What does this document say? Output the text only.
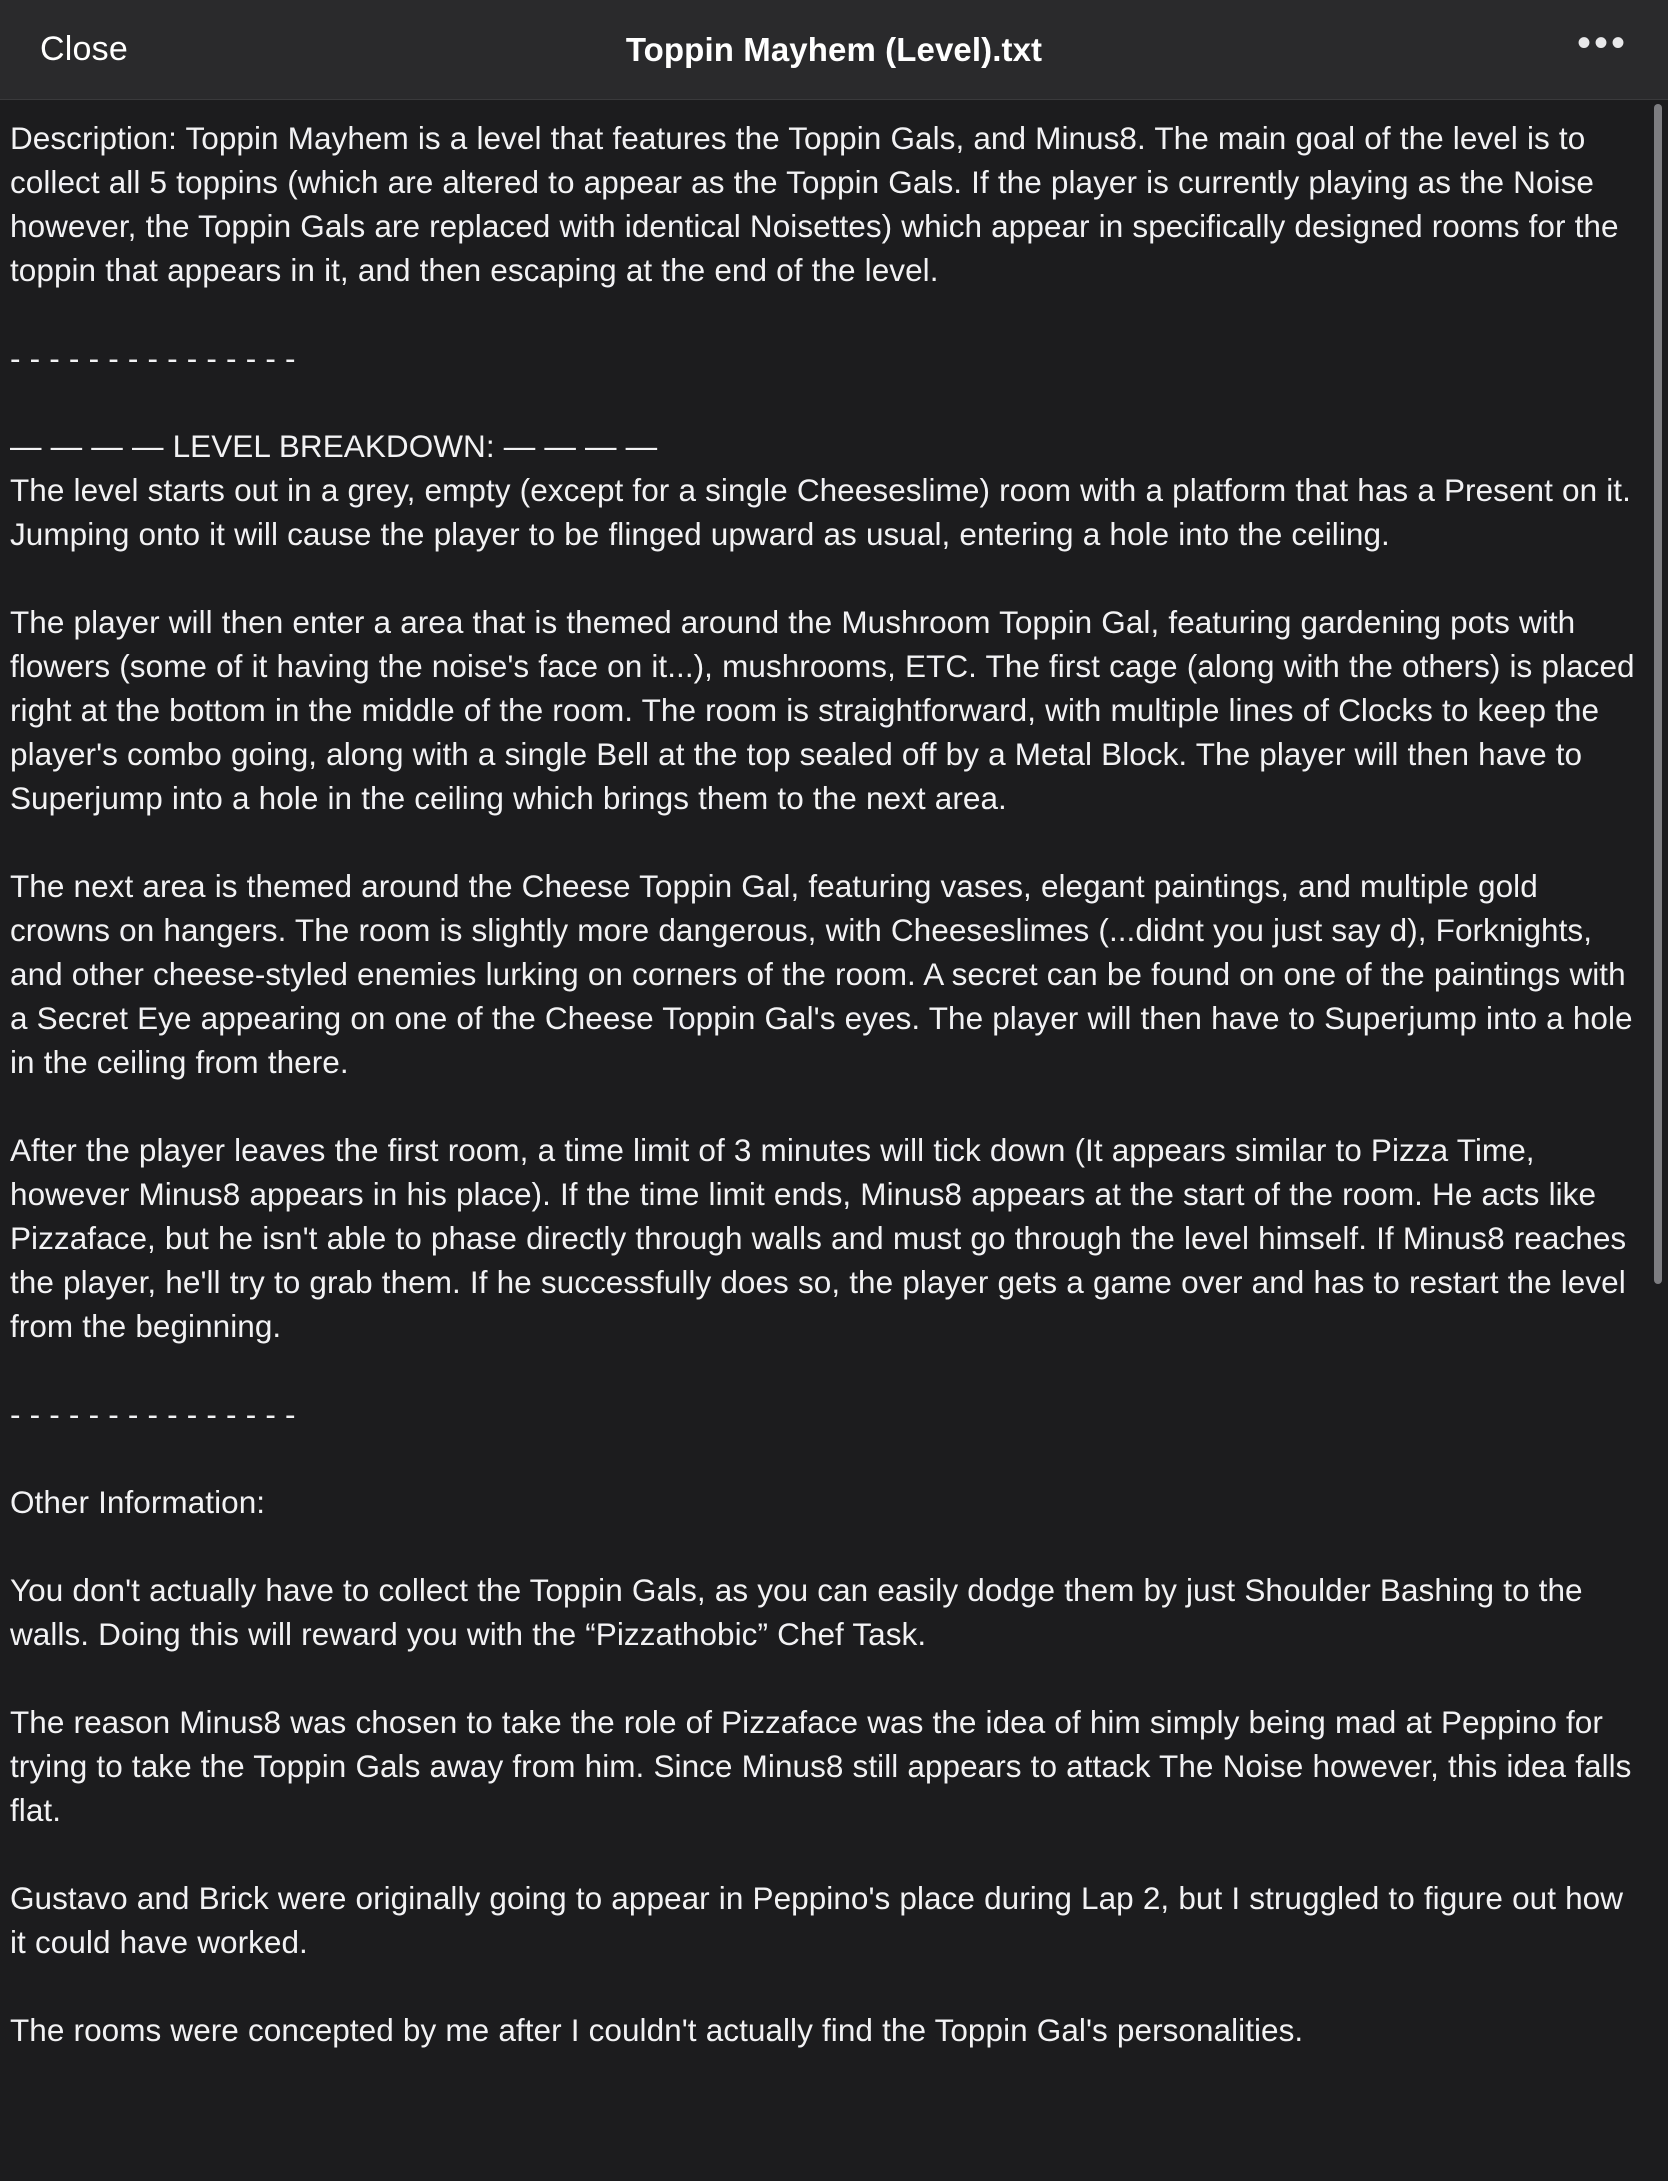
Close	Toppin Mayhem (Level).txt	•••

Description: Toppin Mayhem is a level that features the Toppin Gals, and Minus8. The main goal of the level is to collect all 5 toppins (which are altered to appear as the Toppin Gals. If the player is currently playing as the Noise however, the Toppin Gals are replaced with identical Noisettes) which appear in specifically designed rooms for the toppin that appears in it, and then escaping at the end of the level.

- - - - - - - - - - - - - - -

— — — — LEVEL BREAKDOWN: — — — —

The level starts out in a grey, empty (except for a single Cheeseslime) room with a platform that has a Present on it. Jumping onto it will cause the player to be flinged upward as usual, entering a hole into the ceiling.

The player will then enter a area that is themed around the Mushroom Toppin Gal, featuring gardening pots with flowers (some of it having the noise's face on it...), mushrooms, ETC. The first cage (along with the others) is placed right at the bottom in the middle of the room. The room is straightforward, with multiple lines of Clocks to keep the player's combo going, along with a single Bell at the top sealed off by a Metal Block. The player will then have to Superjump into a hole in the ceiling which brings them to the next area.

The next area is themed around the Cheese Toppin Gal, featuring vases, elegant paintings, and multiple gold crowns on hangers. The room is slightly more dangerous, with Cheeseslimes (...didnt you just say d), Forknights, and other cheese-styled enemies lurking on corners of the room. A secret can be found on one of the paintings with a Secret Eye appearing on one of the Cheese Toppin Gal's eyes. The player will then have to Superjump into a hole in the ceiling from there.

After the player leaves the first room, a time limit of 3 minutes will tick down (It appears similar to Pizza Time, however Minus8 appears in his place). If the time limit ends, Minus8 appears at the start of the room. He acts like Pizzaface, but he isn't able to phase directly through walls and must go through the level himself. If Minus8 reaches the player, he'll try to grab them. If he successfully does so, the player gets a game over and has to restart the level from the beginning.

- - - - - - - - - - - - - - -

Other Information:

You don't actually have to collect the Toppin Gals, as you can easily dodge them by just Shoulder Bashing to the walls. Doing this will reward you with the “Pizzathobic” Chef Task.

The reason Minus8 was chosen to take the role of Pizzaface was the idea of him simply being mad at Peppino for trying to take the Toppin Gals away from him. Since Minus8 still appears to attack The Noise however, this idea falls flat.

Gustavo and Brick were originally going to appear in Peppino's place during Lap 2, but I struggled to figure out how it could have worked.

The rooms were concepted by me after I couldn't actually find the Toppin Gal's personalities.
